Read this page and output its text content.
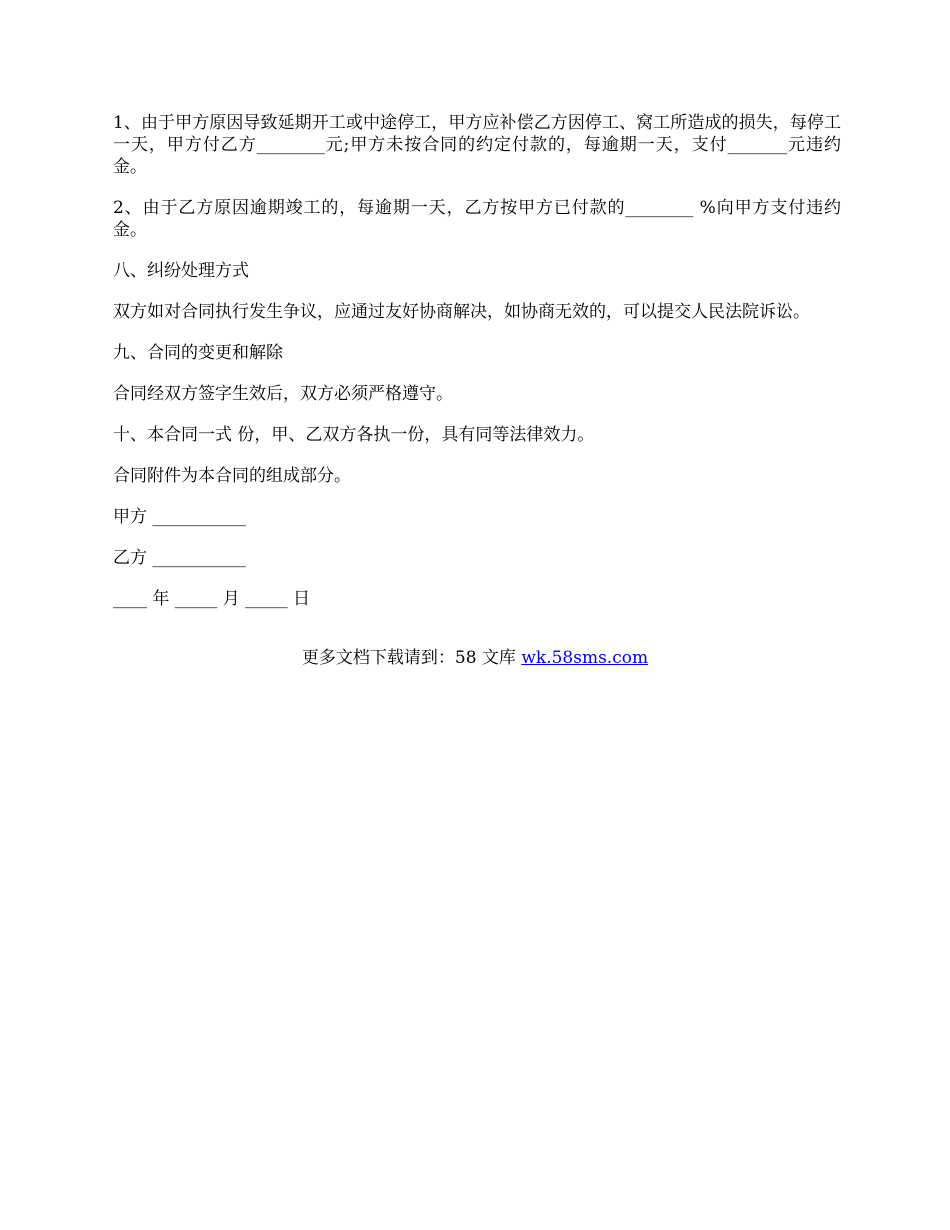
1、由于甲方原因导致延期开工或中途停工，甲方应补偿乙方因停工、窝工所造成的损失，每停工一天，甲方付乙方________元;甲方未按合同的约定付款的，每逾期一天，支付_______元违约金。

2、由于乙方原因逾期竣工的，每逾期一天，乙方按甲方已付款的________ %向甲方支付违约金。

八、纠纷处理方式

双方如对合同执行发生争议，应通过友好协商解决，如协商无效的，可以提交人民法院诉讼。

九、合同的变更和解除

合同经双方签字生效后，双方必须严格遵守。

十、本合同一式 份，甲、乙双方各执一份，具有同等法律效力。

合同附件为本合同的组成部分。

甲方 ___________

乙方 ___________

____ 年 _____ 月 _____ 日

更多文档下载请到：58 文库 wk.58sms.com
